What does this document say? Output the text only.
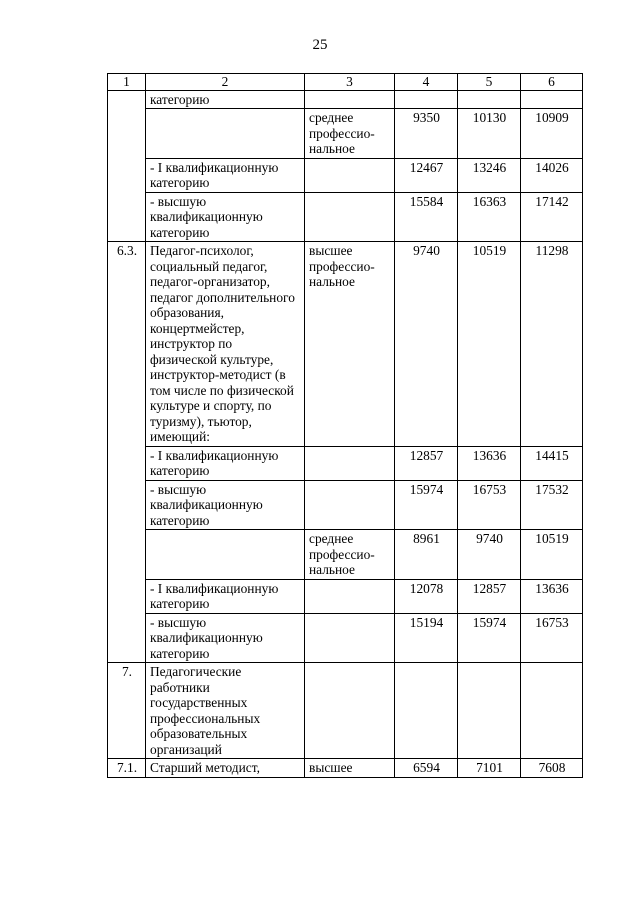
25
1	2	3	4	5	6
	категорию				
		среднее профессио-нальное	9350	10130	10909
	- I квалификационную категорию		12467	13246	14026
	- высшую квалификационную категорию		15584	16363	17142
6.3.	Педагог-психолог, социальный педагог, педагог-организатор, педагог дополнительного образования, концертмейстер, инструктор по физической культуре, инструктор-методист (в том числе по физической культуре и спорту, по туризму), тьютор, имеющий:	высшее профессио-нальное	9740	10519	11298
	- I квалификационную категорию		12857	13636	14415
	- высшую квалификационную категорию		15974	16753	17532
		среднее профессио-нальное	8961	9740	10519
	- I квалификационную категорию		12078	12857	13636
	- высшую квалификационную категорию		15194	15974	16753
7.	Педагогические работники государственных профессиональных образовательных организаций				
7.1.	Старший методист,	высшее	6594	7101	7608
